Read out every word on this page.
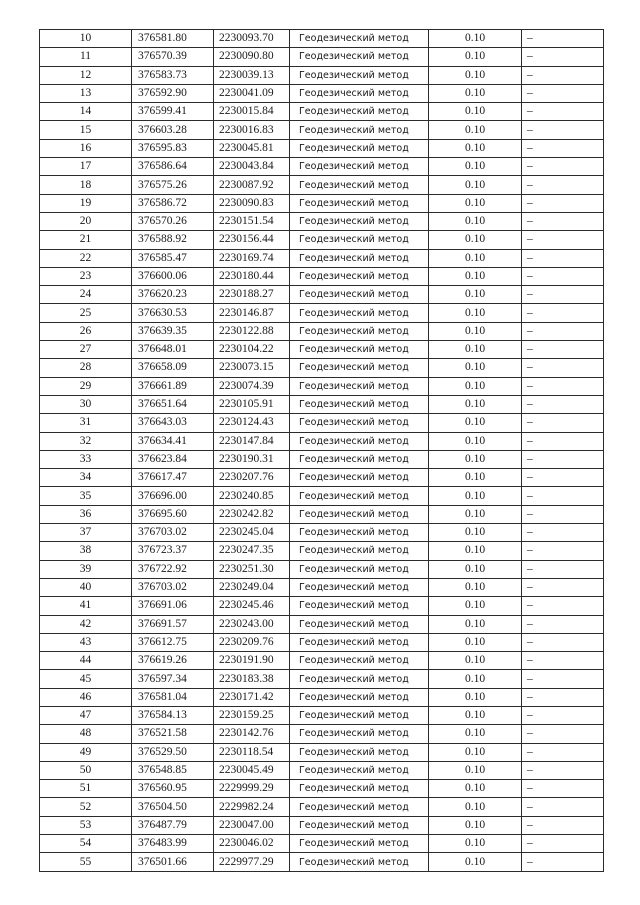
10	376581.80	2230093.70	Геодезический метод	0.10	–
11	376570.39	2230090.80	Геодезический метод	0.10	–
12	376583.73	2230039.13	Геодезический метод	0.10	–
13	376592.90	2230041.09	Геодезический метод	0.10	–
14	376599.41	2230015.84	Геодезический метод	0.10	–
15	376603.28	2230016.83	Геодезический метод	0.10	–
16	376595.83	2230045.81	Геодезический метод	0.10	–
17	376586.64	2230043.84	Геодезический метод	0.10	–
18	376575.26	2230087.92	Геодезический метод	0.10	–
19	376586.72	2230090.83	Геодезический метод	0.10	–
20	376570.26	2230151.54	Геодезический метод	0.10	–
21	376588.92	2230156.44	Геодезический метод	0.10	–
22	376585.47	2230169.74	Геодезический метод	0.10	–
23	376600.06	2230180.44	Геодезический метод	0.10	–
24	376620.23	2230188.27	Геодезический метод	0.10	–
25	376630.53	2230146.87	Геодезический метод	0.10	–
26	376639.35	2230122.88	Геодезический метод	0.10	–
27	376648.01	2230104.22	Геодезический метод	0.10	–
28	376658.09	2230073.15	Геодезический метод	0.10	–
29	376661.89	2230074.39	Геодезический метод	0.10	–
30	376651.64	2230105.91	Геодезический метод	0.10	–
31	376643.03	2230124.43	Геодезический метод	0.10	–
32	376634.41	2230147.84	Геодезический метод	0.10	–
33	376623.84	2230190.31	Геодезический метод	0.10	–
34	376617.47	2230207.76	Геодезический метод	0.10	–
35	376696.00	2230240.85	Геодезический метод	0.10	–
36	376695.60	2230242.82	Геодезический метод	0.10	–
37	376703.02	2230245.04	Геодезический метод	0.10	–
38	376723.37	2230247.35	Геодезический метод	0.10	–
39	376722.92	2230251.30	Геодезический метод	0.10	–
40	376703.02	2230249.04	Геодезический метод	0.10	–
41	376691.06	2230245.46	Геодезический метод	0.10	–
42	376691.57	2230243.00	Геодезический метод	0.10	–
43	376612.75	2230209.76	Геодезический метод	0.10	–
44	376619.26	2230191.90	Геодезический метод	0.10	–
45	376597.34	2230183.38	Геодезический метод	0.10	–
46	376581.04	2230171.42	Геодезический метод	0.10	–
47	376584.13	2230159.25	Геодезический метод	0.10	–
48	376521.58	2230142.76	Геодезический метод	0.10	–
49	376529.50	2230118.54	Геодезический метод	0.10	–
50	376548.85	2230045.49	Геодезический метод	0.10	–
51	376560.95	2229999.29	Геодезический метод	0.10	–
52	376504.50	2229982.24	Геодезический метод	0.10	–
53	376487.79	2230047.00	Геодезический метод	0.10	–
54	376483.99	2230046.02	Геодезический метод	0.10	–
55	376501.66	2229977.29	Геодезический метод	0.10	–
